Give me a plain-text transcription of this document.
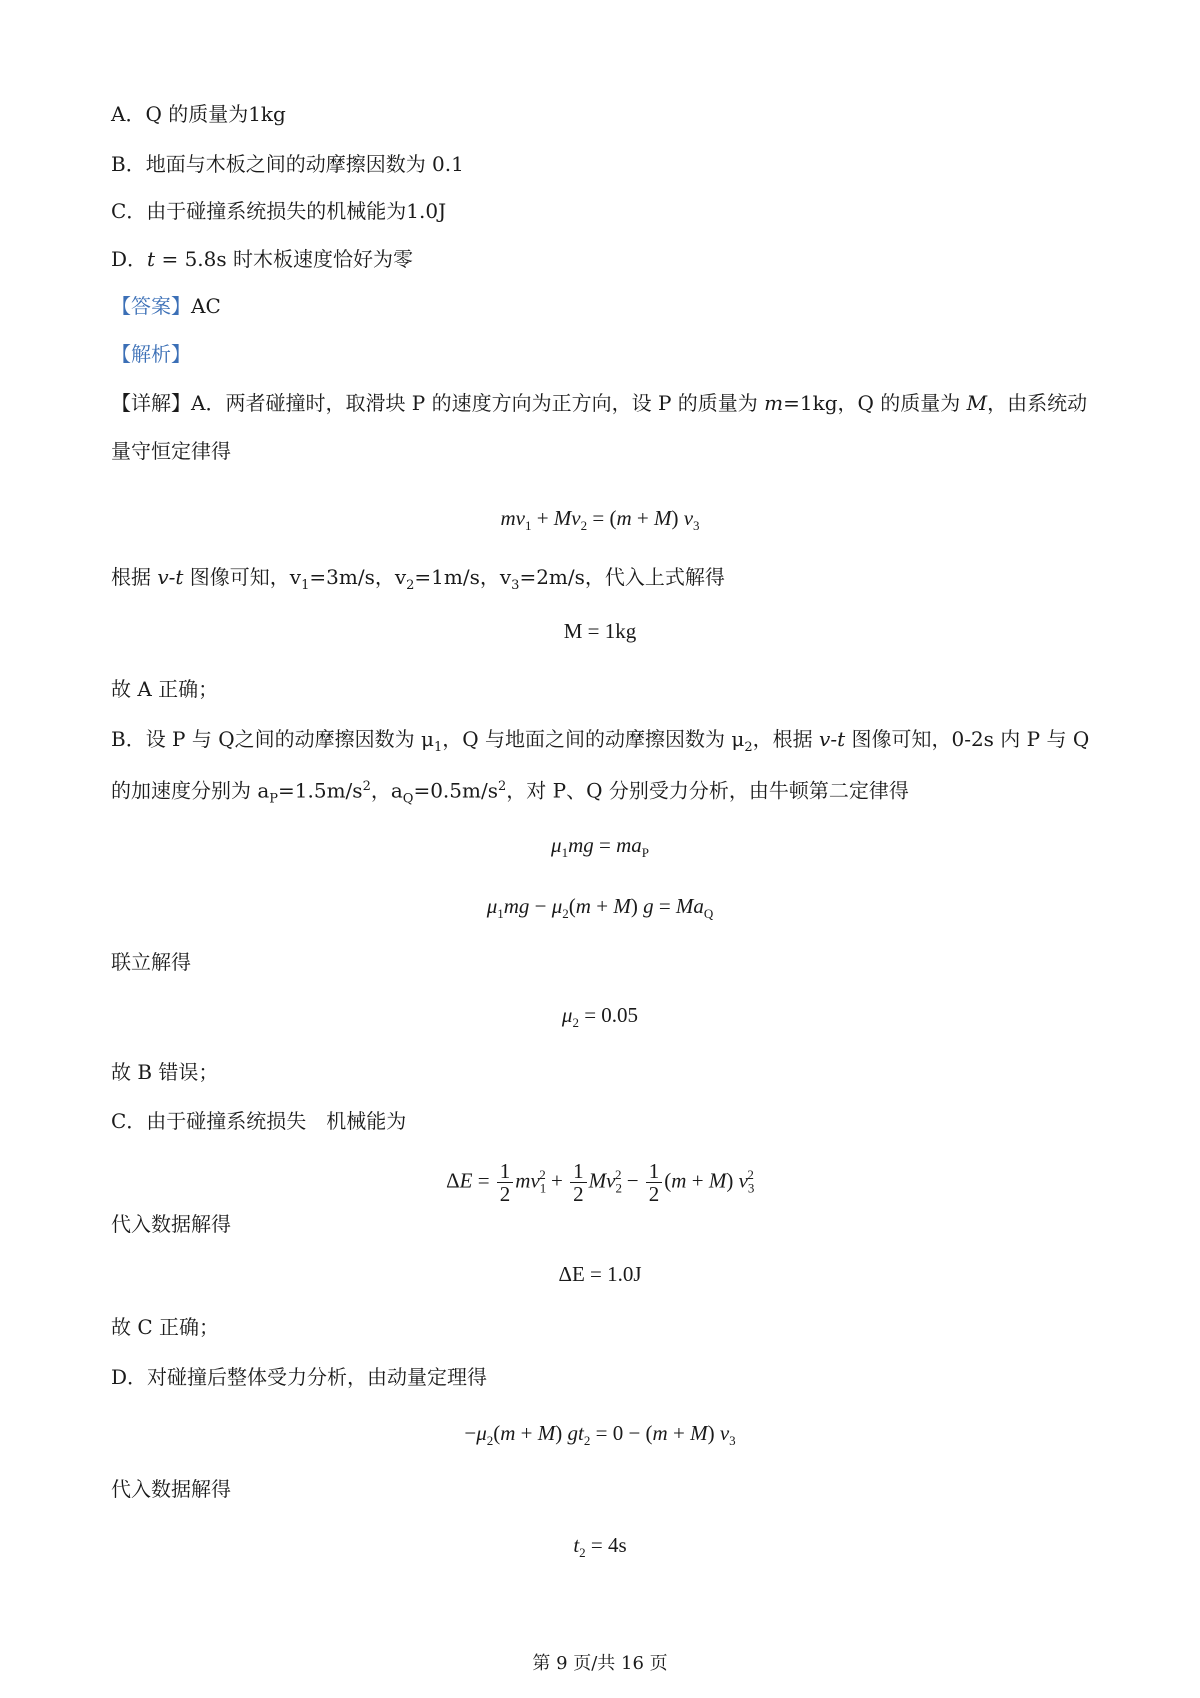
A．Q 的质量为1kg
B．地面与木板之间的动摩擦因数为 0.1
C．由于碰撞系统损失的机械能为1.0J
D．t = 5.8s 时木板速度恰好为零
【答案】AC
【解析】
【详解】A．两者碰撞时，取滑块 P 的速度方向为正方向，设 P 的质量为 m=1kg，Q 的质量为 M，由系统动
量守恒定律得
$mv_1 + Mv_2 = (m + M)$ $v_3$
根据 v-t 图像可知，$v_1=3m/s$，$v_2=1m/s$，$v_3=2m/s$，代入上式解得
M = 1kg
故 A 正确；
B．设 P 与 Q之间的动摩擦因数为 $\mu_1$，Q 与地面之间的动摩擦因数为 $\mu_2$，根据 v-t 图像可知，0-2s 内 P 与 Q
的加速度分别为 $a_P=1.5m/s^2$，$a_Q=0.5m/s^2$，对 P、Q 分别受力分析，由牛顿第二定律得
$\mu_1mg = ma_P$
$\mu_1mg - \mu_2(m + M) g = Ma_Q$
联立解得
$\mu_2 = 0.05$
故 B 错误；
C．由于碰撞系统损失　机械能为
$\Delta E = \frac{1}{2} mv_1^2 + \frac{1}{2} Mv_2^2 - \frac{1}{2} (m + M)$ $v_3^2$
代入数据解得
ΔE = 1.0J
故 C 正确；
D．对碰撞后整体受力分析，由动量定理得
$-\mu_2(m + M) gt_2 = 0 - (m + M)$ $v_3$
代入数据解得
$t_2 = 4s$
第 9 页/共 16 页
